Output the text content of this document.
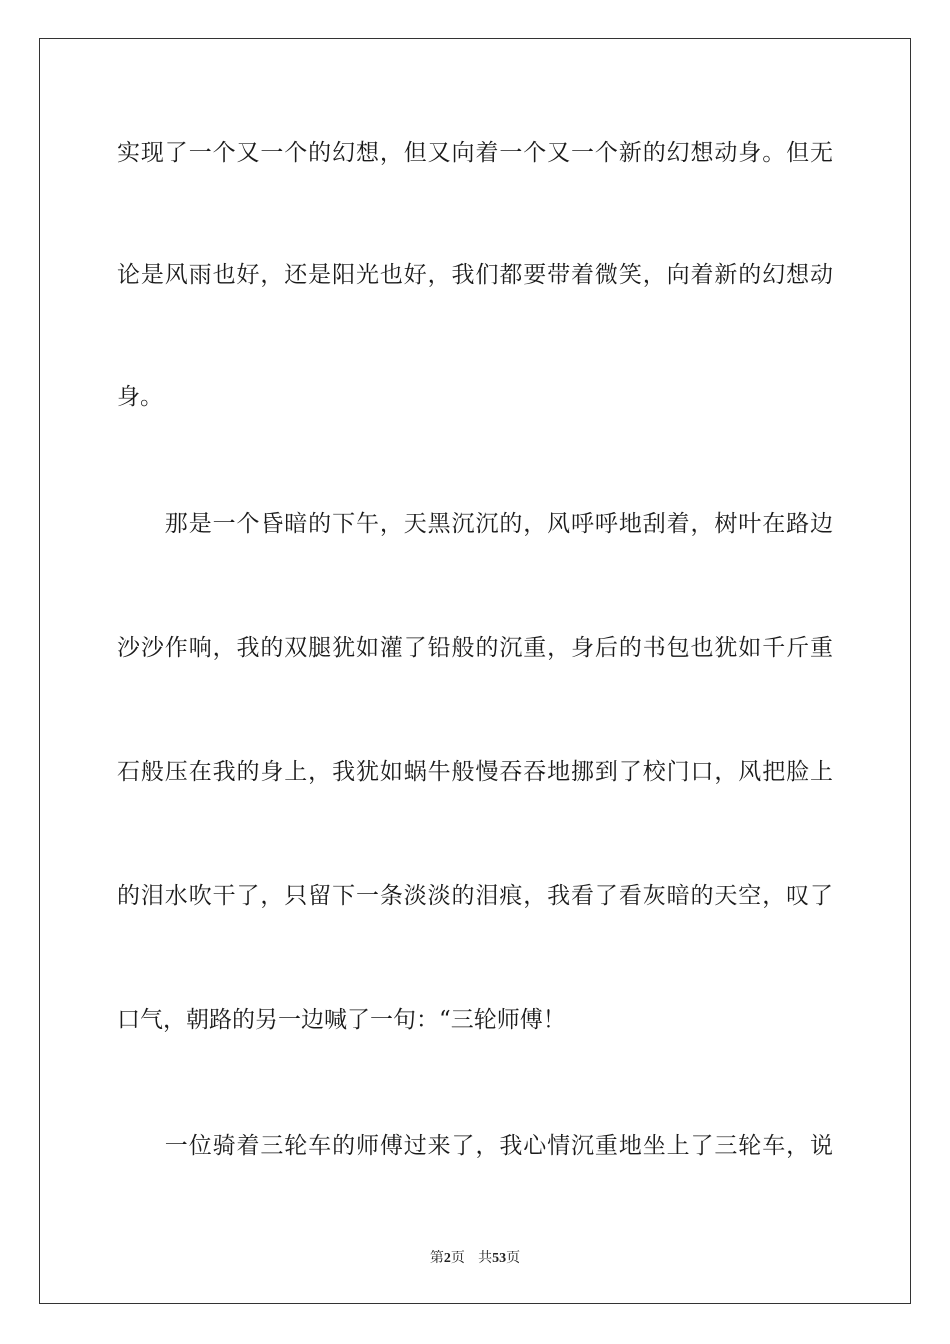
实现了一个又一个的幻想，但又向着一个又一个新的幻想动身。但无

论是风雨也好，还是阳光也好，我们都要带着微笑，向着新的幻想动

身。

　　那是一个昏暗的下午，天黑沉沉的，风呼呼地刮着，树叶在路边

沙沙作响，我的双腿犹如灌了铅般的沉重，身后的书包也犹如千斤重

石般压在我的身上，我犹如蜗牛般慢吞吞地挪到了校门口，风把脸上

的泪水吹干了，只留下一条淡淡的泪痕，我看了看灰暗的天空，叹了

口气，朝路的另一边喊了一句：“三轮师傅！

　　一位骑着三轮车的师傅过来了，我心情沉重地坐上了三轮车，说

第2页 共53页
